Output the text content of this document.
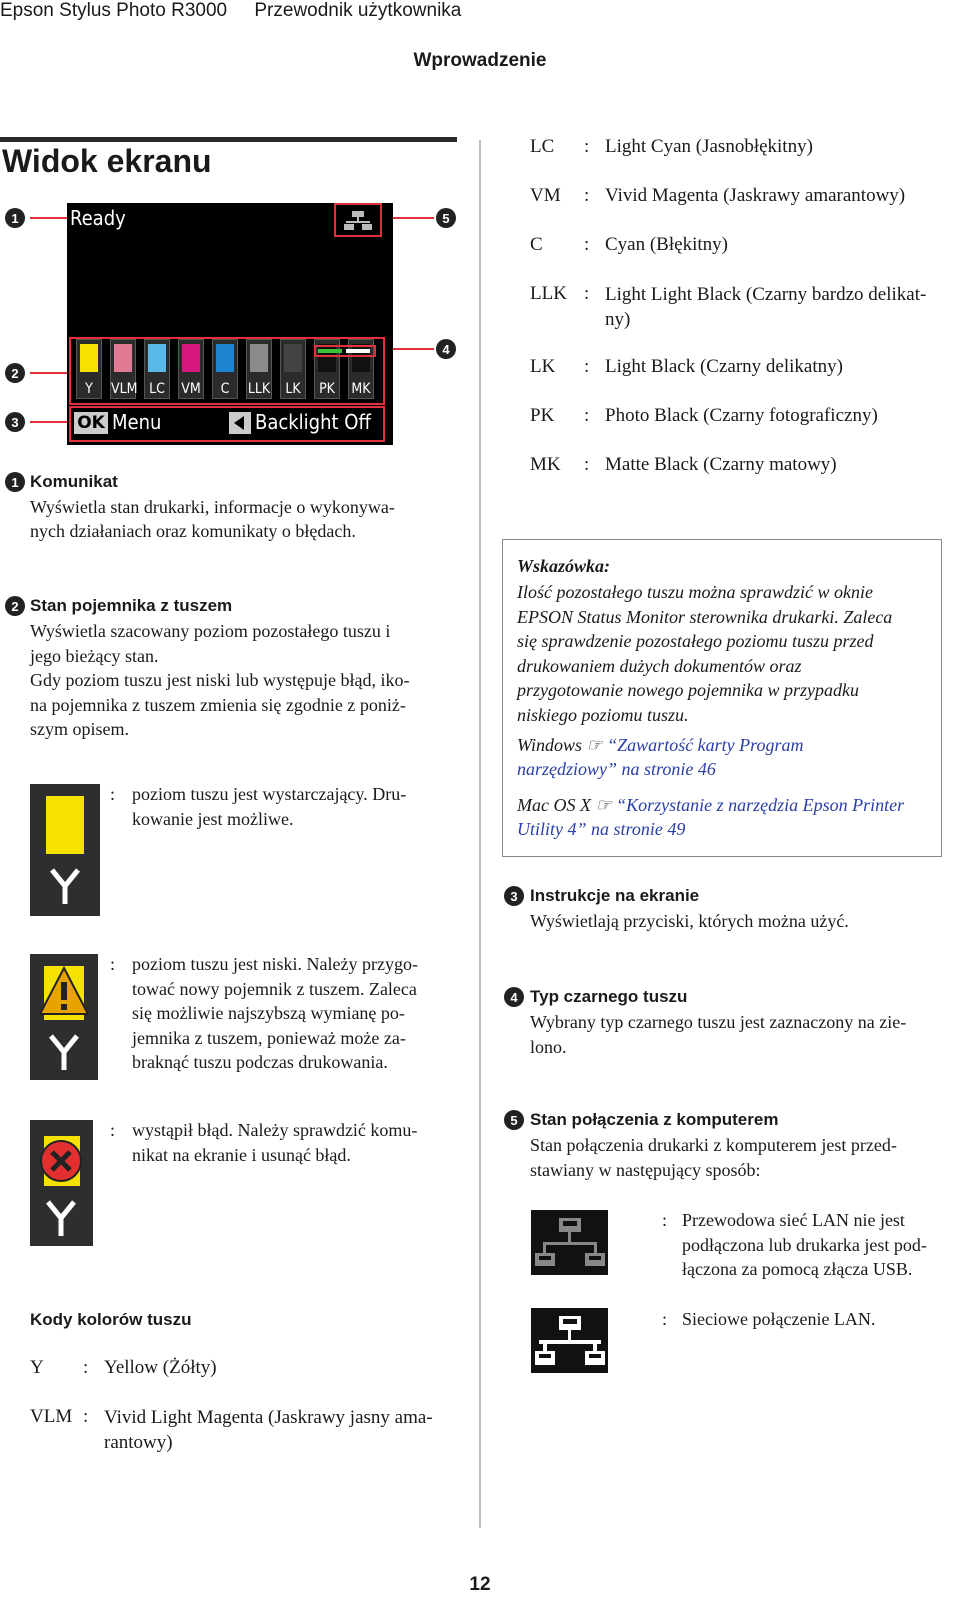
Epson Stylus Photo R3000 Przewodnik użytkownika
Wprowadzenie
Widok ekranu
1	5
2
3
4
Ready
Y	VLM LC VM	C	LLK	LK	PK MK
OK Menu	Backlight Off
1 Komunikat
Wyświetla stan drukarki, informacje o wykonywa-
nych działaniach oraz komunikaty o błędach.
2 Stan pojemnika z tuszem
Wyświetla szacowany poziom pozostałego tuszu i
jego bieżący stan.
Gdy poziom tuszu jest niski lub występuje błąd, iko-
na pojemnika z tuszem zmienia się zgodnie z poniż-
szym opisem.
: poziom tuszu jest wystarczający. Dru-
kowanie jest możliwe.
: poziom tuszu jest niski. Należy przygo-
tować nowy pojemnik z tuszem. Zaleca
się możliwie najszybszą wymianę po-
jemnika z tuszem, ponieważ może za-
braknąć tuszu podczas drukowania.
: wystąpił błąd. Należy sprawdzić komu-
nikat na ekranie i usunąć błąd.
Kody kolorów tuszu
Y : Yellow (Żółty)
VLM : Vivid Light Magenta (Jaskrawy jasny ama-
rantowy)
LC : Light Cyan (Jasnobłękitny)
VM : Vivid Magenta (Jaskrawy amarantowy)
C : Cyan (Błękitny)
LLK : Light Light Black (Czarny bardzo delikat-
ny)
LK : Light Black (Czarny delikatny)
PK : Photo Black (Czarny fotograficzny)
MK : Matte Black (Czarny matowy)
Wskazówka:
Ilość pozostałego tuszu można sprawdzić w oknie
EPSON Status Monitor sterownika drukarki. Zaleca
się sprawdzenie pozostałego poziomu tuszu przed
drukowaniem dużych dokumentów oraz
przygotowanie nowego pojemnika w przypadku
niskiego poziomu tuszu.
Windows ☞ “Zawartość karty Program
narzędziowy” na stronie 46
Mac OS X ☞ “Korzystanie z narzędzia Epson Printer
Utility 4” na stronie 49
3 Instrukcje na ekranie
Wyświetlają przyciski, których można użyć.
4 Typ czarnego tuszu
Wybrany typ czarnego tuszu jest zaznaczony na zie-
lono.
5 Stan połączenia z komputerem
Stan połączenia drukarki z komputerem jest przed-
stawiany w następujący sposób:
: Przewodowa sieć LAN nie jest
podłączona lub drukarka jest pod-
łączona za pomocą złącza USB.
: Sieciowe połączenie LAN.
12
